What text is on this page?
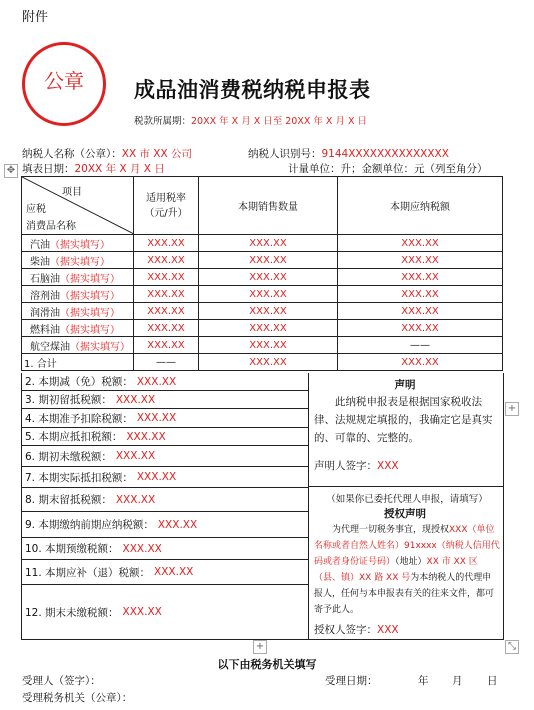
附件
公章	成品油消费税纳税申报表
税款所属期：20XX 年 X 月 X 日至 20XX 年 X 月 X 日
纳税人名称（公章）：XX 市 XX 公司	纳税人识别号：9144XXXXXXXXXXXXXX
✥ 填表日期：20XX 年 X 月 X 日	计量单位：升；金额单位：元（列至角分）
项目
应税
消费品名称	适用税率（元/升）	本期销售数量	本期应纳税额
汽油（据实填写）	XXX.XX	XXX.XX	XXX.XX
柴油（据实填写）	XXX.XX	XXX.XX	XXX.XX
石脑油（据实填写）	XXX.XX	XXX.XX	XXX.XX
溶剂油（据实填写）	XXX.XX	XXX.XX	XXX.XX
润滑油（据实填写）	XXX.XX	XXX.XX	XXX.XX
燃料油（据实填写）	XXX.XX	XXX.XX	XXX.XX
航空煤油（据实填写）	XXX.XX	XXX.XX	——
1. 合计	——	XXX.XX	XXX.XX
2. 本期减（免）税额： XXX.XX
3. 期初留抵税额： XXX.XX
4. 本期准予扣除税额： XXX.XX
5. 本期应抵扣税额： XXX.XX
6. 期初未缴税额： XXX.XX
7. 本期实际抵扣税额： XXX.XX
8. 期末留抵税额： XXX.XX
9. 本期缴纳前期应纳税额： XXX.XX
10. 本期预缴税额： XXX.XX
11. 本期应补（退）税额： XXX.XX
12. 期末未缴税额： XXX.XX
声明
此纳税申报表是根据国家税收法律、法规规定填报的，我确定它是真实的、可靠的、完整的。
声明人签字：XXX
（如果你已委托代理人申报，请填写）
授权声明
为代理一切税务事宜，现授权XXX（单位名称或者自然人姓名）91xxxx（纳税人信用代码或者身份证号码）（地址）XX 市 XX 区（县、镇）XX 路 XX 号为本纳税人的代理申报人，任何与本申报表有关的往来文件，都可寄予此人。
授权人签字：XXX
+
+	⤡
以下由税务机关填写
受理人（签字）：	受理日期：	年 月 日
受理税务机关（公章）：
